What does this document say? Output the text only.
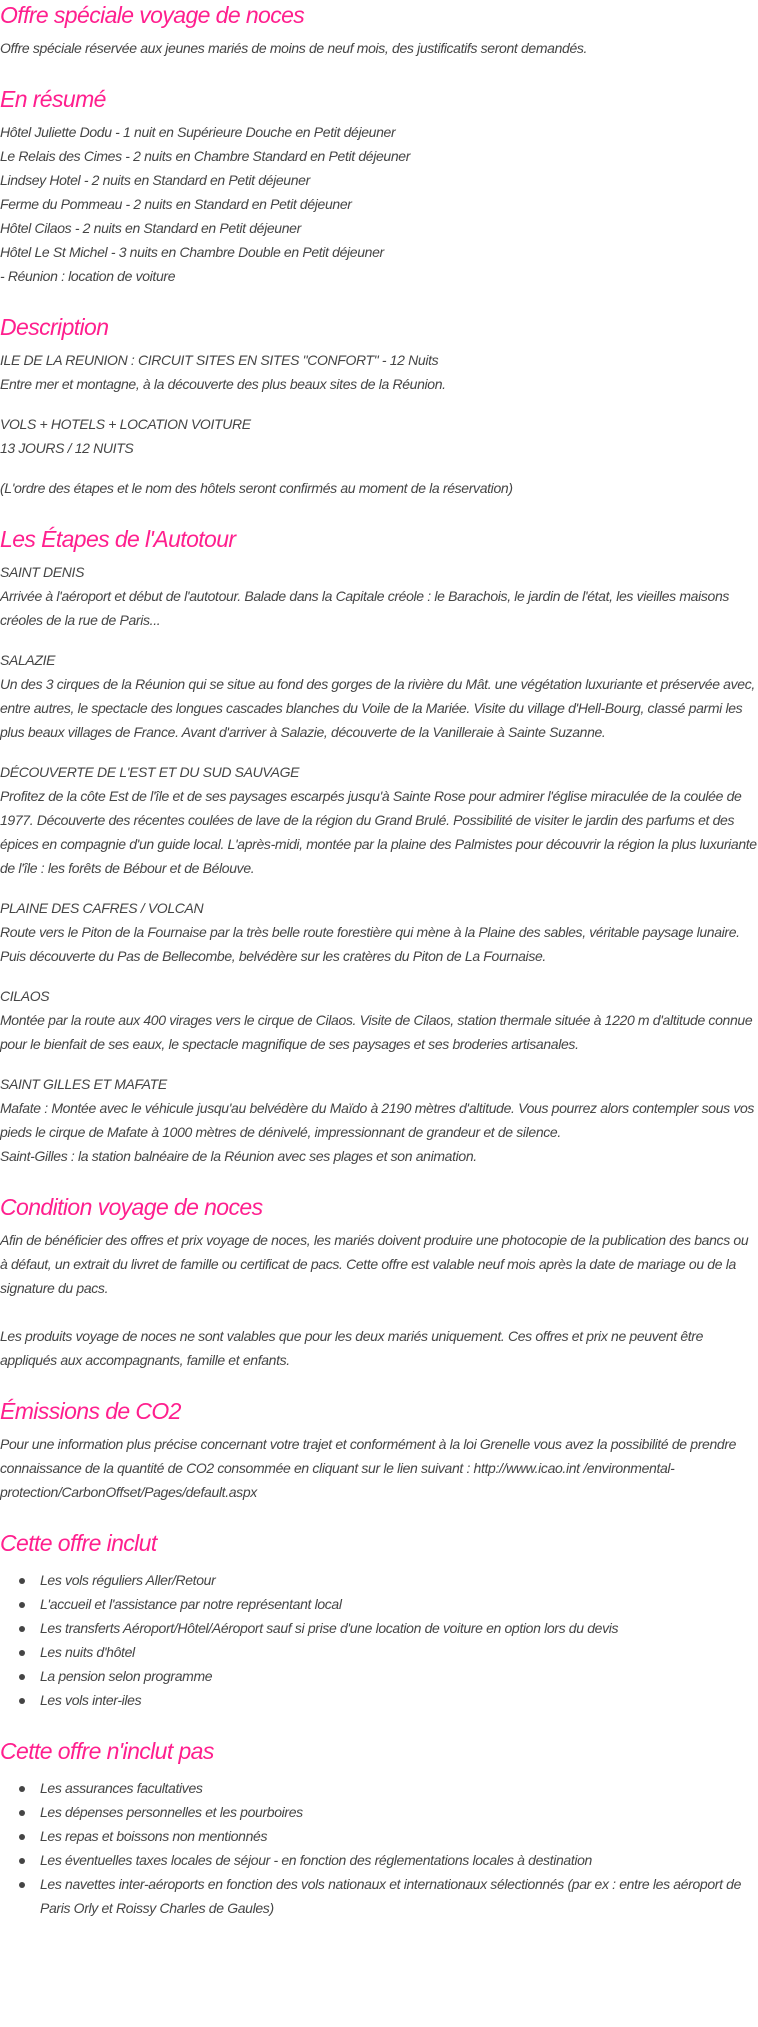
Offre spéciale voyage de noces

Offre spéciale réservée aux jeunes mariés de moins de neuf mois, des justificatifs seront demandés.

En résumé

Hôtel Juliette Dodu - 1 nuit en Supérieure Douche en Petit déjeuner

Le Relais des Cimes - 2 nuits en Chambre Standard en Petit déjeuner

Lindsey Hotel - 2 nuits en Standard en Petit déjeuner

Ferme du Pommeau - 2 nuits en Standard en Petit déjeuner

Hôtel Cilaos - 2 nuits en Standard en Petit déjeuner

Hôtel Le St Michel - 3 nuits en Chambre Double en Petit déjeuner

- Réunion : location de voiture

Description

ILE DE LA REUNION : CIRCUIT SITES EN SITES "CONFORT" - 12 Nuits

Entre mer et montagne, à la découverte des plus beaux sites de la Réunion.

VOLS + HOTELS + LOCATION VOITURE

13 JOURS / 12 NUITS

(L'ordre des étapes et le nom des hôtels seront confirmés au moment de la réservation)

Les Étapes de l'Autotour

SAINT DENIS

Arrivée à l'aéroport et début de l'autotour. Balade dans la Capitale créole : le Barachois, le jardin de l'état, les vieilles maisons créoles de la rue de Paris...

SALAZIE

Un des 3 cirques de la Réunion qui se situe au fond des gorges de la rivière du Mât. une végétation luxuriante et préservée avec, entre autres, le spectacle des longues cascades blanches du Voile de la Mariée. Visite du village d'Hell-Bourg, classé parmi les plus beaux villages de France. Avant d'arriver à Salazie, découverte de la Vanilleraie à Sainte Suzanne.

DÉCOUVERTE DE L'EST ET DU SUD SAUVAGE

Profitez de la côte Est de l'île et de ses paysages escarpés jusqu'à Sainte Rose pour admirer l'église miraculée de la coulée de 1977. Découverte des récentes coulées de lave de la région du Grand Brulé. Possibilité de visiter le jardin des parfums et des épices en compagnie d'un guide local. L'après-midi, montée par la plaine des Palmistes pour découvrir la région la plus luxuriante de l'île : les forêts de Bébour et de Bélouve.

PLAINE DES CAFRES / VOLCAN

Route vers le Piton de la Fournaise par la très belle route forestière qui mène à la Plaine des sables, véritable paysage lunaire. Puis découverte du Pas de Bellecombe, belvédère sur les cratères du Piton de La Fournaise.

CILAOS

Montée par la route aux 400 virages vers le cirque de Cilaos. Visite de Cilaos, station thermale située à 1220 m d'altitude connue pour le bienfait de ses eaux, le spectacle magnifique de ses paysages et ses broderies artisanales.

SAINT GILLES ET MAFATE

Mafate : Montée avec le véhicule jusqu'au belvédère du Maïdo à 2190 mètres d'altitude. Vous pourrez alors contempler sous vos pieds le cirque de Mafate à 1000 mètres de dénivelé, impressionnant de grandeur et de silence.

Saint-Gilles : la station balnéaire de la Réunion avec ses plages et son animation.

Condition voyage de noces

Afin de bénéficier des offres et prix voyage de noces, les mariés doivent produire une photocopie de la publication des bancs ou à défaut, un extrait du livret de famille ou certificat de pacs. Cette offre est valable neuf mois après la date de mariage ou de la signature du pacs.

Les produits voyage de noces ne sont valables que pour les deux mariés uniquement. Ces offres et prix ne peuvent être appliqués aux accompagnants, famille et enfants.

Émissions de CO2

Pour une information plus précise concernant votre trajet et conformément à la loi Grenelle vous avez la possibilité de prendre connaissance de la quantité de CO2 consommée en cliquant sur le lien suivant : http://www.icao.int /environmental-protection/CarbonOffset/Pages/default.aspx

Cette offre inclut
Les vols réguliers Aller/Retour
L'accueil et l'assistance par notre représentant local
Les transferts Aéroport/Hôtel/Aéroport sauf si prise d'une location de voiture en option lors du devis
Les nuits d'hôtel
La pension selon programme
Les vols inter-iles
Cette offre n'inclut pas
Les assurances facultatives
Les dépenses personnelles et les pourboires
Les repas et boissons non mentionnés
Les éventuelles taxes locales de séjour - en fonction des réglementations locales à destination
Les navettes inter-aéroports en fonction des vols nationaux et internationaux sélectionnés (par ex : entre les aéroport de Paris Orly et Roissy Charles de Gaules)
